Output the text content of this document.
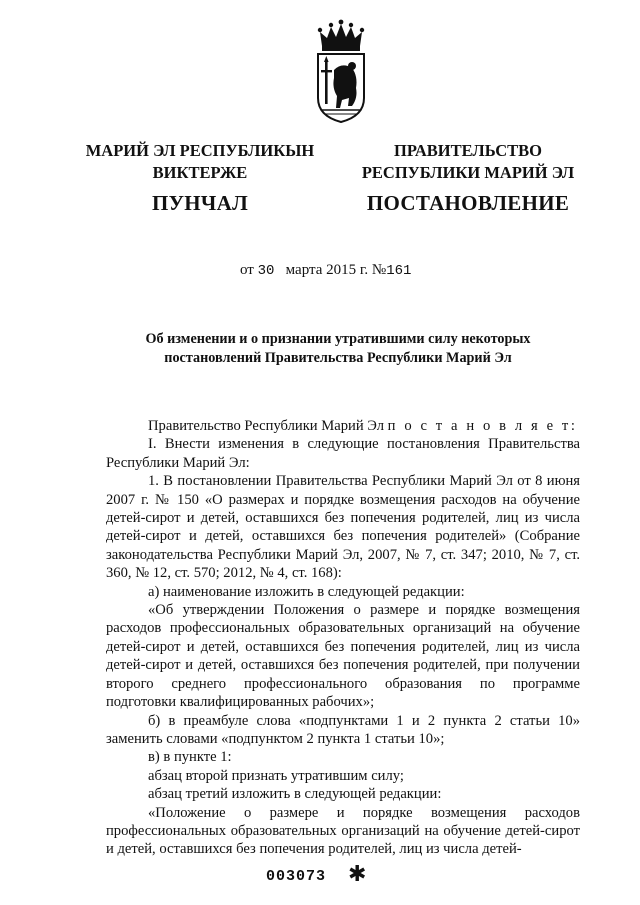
МАРИЙ ЭЛ РЕСПУБЛИКЫН
ВИКТЕРЖЕ
ПУНЧАЛ
ПРАВИТЕЛЬСТВО
РЕСПУБЛИКИ МАРИЙ ЭЛ
ПОСТАНОВЛЕНИЕ
от 30 марта 2015 г. №161
Об изменении и о признании утратившими силу некоторых
постановлений Правительства Республики Марий Эл

Правительство Республики Марий Эл п о с т а н о в л я е т:

I. Внести изменения в следующие постановления Правительства Республики Марий Эл:

1. В постановлении Правительства Республики Марий Эл от 8 июня 2007 г. № 150 «О размерах и порядке возмещения расходов на обучение детей-сирот и детей, оставшихся без попечения родителей, лиц из числа детей-сирот и детей, оставшихся без попечения родителей» (Собрание законодательства Республики Марий Эл, 2007, № 7, ст. 347; 2010, № 7, ст. 360, № 12, ст. 570; 2012, № 4, ст. 168):

а) наименование изложить в следующей редакции:

«Об утверждении Положения о размере и порядке возмещения расходов профессиональных образовательных организаций на обучение детей-сирот и детей, оставшихся без попечения родителей, лиц из числа детей-сирот и детей, оставшихся без попечения родителей, при получении второго среднего профессионального образования по программе подготовки квалифицированных рабочих»;

б) в преамбуле слова «подпунктами 1 и 2 пункта 2 статьи 10» заменить словами «подпунктом 2 пункта 1 статьи 10»;

в) в пункте 1:

абзац второй признать утратившим силу;

абзац третий изложить в следующей редакции:

«Положение о размере и порядке возмещения расходов профессиональных образовательных организаций на обучение детей-сирот и детей, оставшихся без попечения родителей, лиц из числа детей-

003073 ✱
